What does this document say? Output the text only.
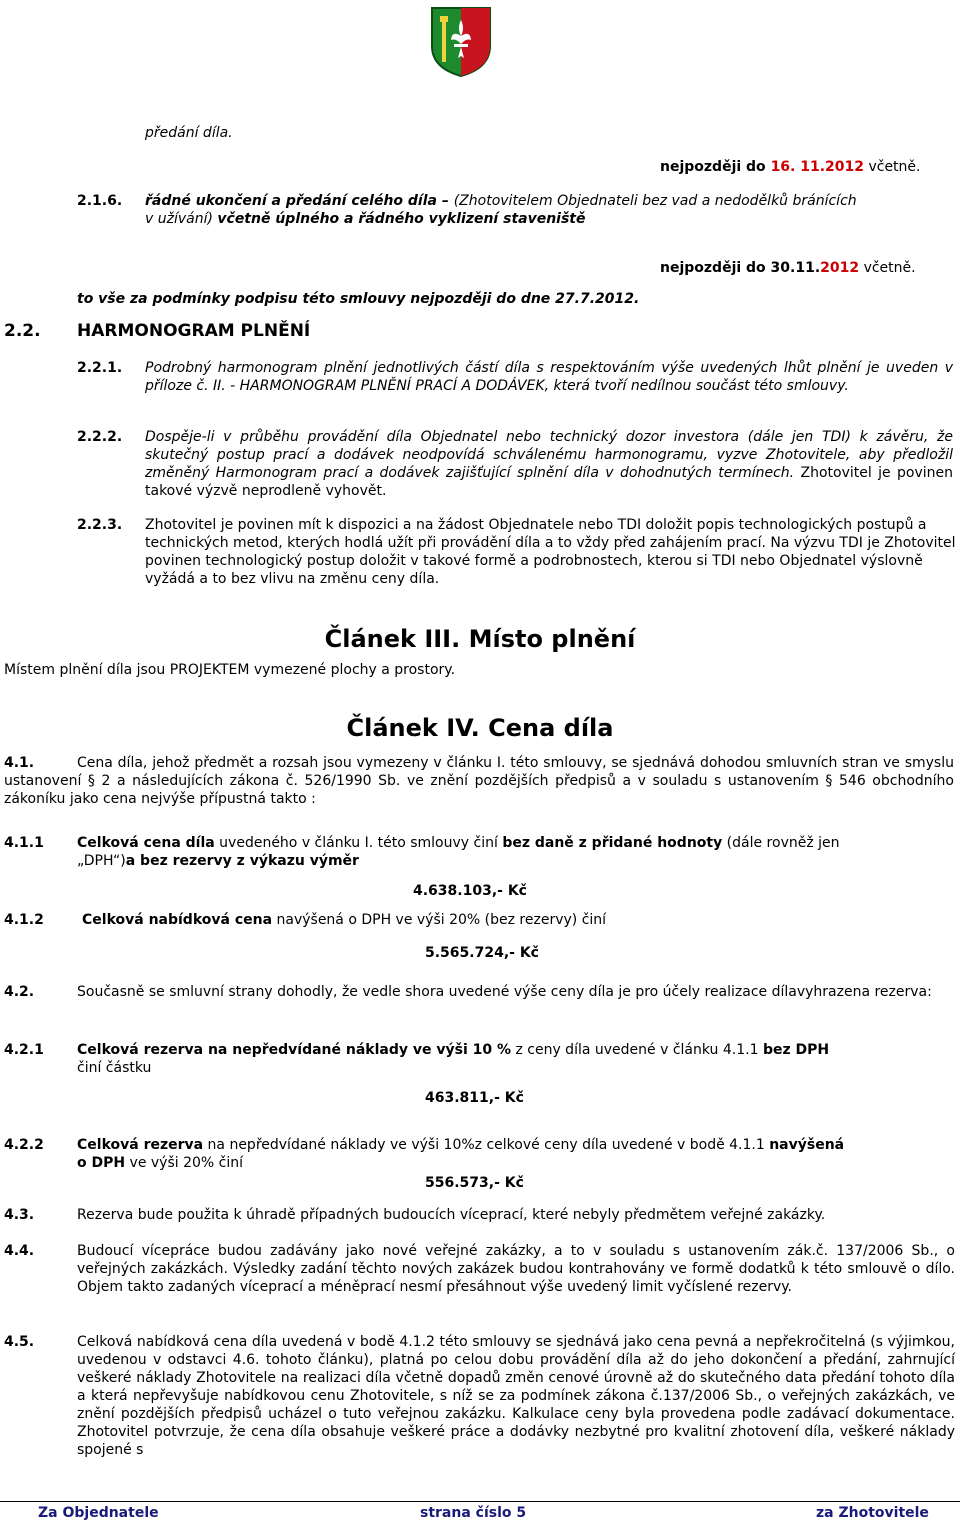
předání díla.
nejpozději do 16. 11.2012 včetně.
2.1.6. řádné ukončení a předání celého díla – (Zhotovitelem Objednateli bez vad a nedodělků bránících
v užívání) včetně úplného a řádného vyklizení staveniště
nejpozději do 30.11.2012 včetně.
to vše za podmínky podpisu této smlouvy nejpozději do dne 27.7.2012.
2.2. HARMONOGRAM PLNĚNÍ
2.2.1. Podrobný harmonogram plnění jednotlivých částí díla s respektováním výše uvedených lhůt plnění je uveden v příloze č. II. - HARMONOGRAM PLNĚNÍ PRACÍ A DODÁVEK, která tvoří nedílnou součást této smlouvy.
2.2.2. Dospěje-li v průběhu provádění díla Objednatel nebo technický dozor investora (dále jen TDI) k závěru, že skutečný postup prací a dodávek neodpovídá schválenému harmonogramu, vyzve Zhotovitele, aby předložil změněný Harmonogram prací a dodávek zajišťující splnění díla v dohodnutých termínech. Zhotovitel je povinen takové výzvě neprodleně vyhovět.
2.2.3. Zhotovitel je povinen mít k dispozici a na žádost Objednatele nebo TDI doložit popis technologických postupů a technických metod, kterých hodlá užít při provádění díla a to vždy před zahájením prací. Na výzvu TDI je Zhotovitel povinen technologický postup doložit v takové formě a podrobnostech, kterou si TDI nebo Objednatel výslovně vyžádá a to bez vlivu na změnu ceny díla.
Článek III. Místo plnění
Místem plnění díla jsou PROJEKTEM vymezené plochy a prostory.
Článek IV. Cena díla
4.1.	Cena díla, jehož předmět a rozsah jsou vymezeny v článku I. této smlouvy, se sjednává dohodou smluvních stran ve smyslu ustanovení § 2 a následujících zákona č. 526/1990 Sb. ve znění pozdějších předpisů a v souladu s ustanovením § 546 obchodního zákoníku jako cena nejvýše přípustná takto :
4.1.1 Celková cena díla uvedeného v článku I. této smlouvy činí bez daně z přidané hodnoty (dále rovněž jen
„DPH“)a bez rezervy z výkazu výměr
4.638.103,- Kč
4.1.2	Celková nabídková cena navýšená o DPH ve výši 20% (bez rezervy) činí
5.565.724,- Kč
4.2.	Současně se smluvní strany dohodly, že vedle shora uvedené výše ceny díla je pro účely realizace dílavyhrazena rezerva:
4.2.1 Celková rezerva na nepředvídané náklady ve výši 10 % z ceny díla uvedené v článku 4.1.1 bez DPH
činí částku
463.811,- Kč
4.2.2 Celková rezerva na nepředvídané náklady ve výši 10%z celkové ceny díla uvedené v bodě 4.1.1 navýšená
o DPH ve výši 20% činí
556.573,- Kč
4.3.	Rezerva bude použita k úhradě případných budoucích víceprací, které nebyly předmětem veřejné zakázky.
4.4.	Budoucí vícepráce budou zadávány jako nové veřejné zakázky, a to v souladu s ustanovením zák.č. 137/2006 Sb., o veřejných zakázkách. Výsledky zadání těchto nových zakázek budou kontrahovány ve formě dodatků k této smlouvě o dílo. Objem takto zadaných víceprací a méněprací nesmí přesáhnout výše uvedený limit vyčíslené rezervy.
4.5.	Celková nabídková cena díla uvedená v bodě 4.1.2 této smlouvy se sjednává jako cena pevná a nepřekročitelná (s výjimkou, uvedenou v odstavci 4.6. tohoto článku), platná po celou dobu provádění díla až do jeho dokončení a předání, zahrnující veškeré náklady Zhotovitele na realizaci díla včetně dopadů změn cenové úrovně až do skutečného data předání tohoto díla a která nepřevyšuje nabídkovou cenu Zhotovitele, s níž se za podmínek zákona č.137/2006 Sb., o veřejných zakázkách, ve znění pozdějších předpisů ucházel o tuto veřejnou zakázku. Kalkulace ceny byla provedena podle zadávací dokumentace. Zhotovitel potvrzuje, že cena díla obsahuje veškeré práce a dodávky nezbytné pro kvalitní zhotovení díla, veškeré náklady spojené s
Za Objednatele	strana číslo 5	za Zhotovitele
